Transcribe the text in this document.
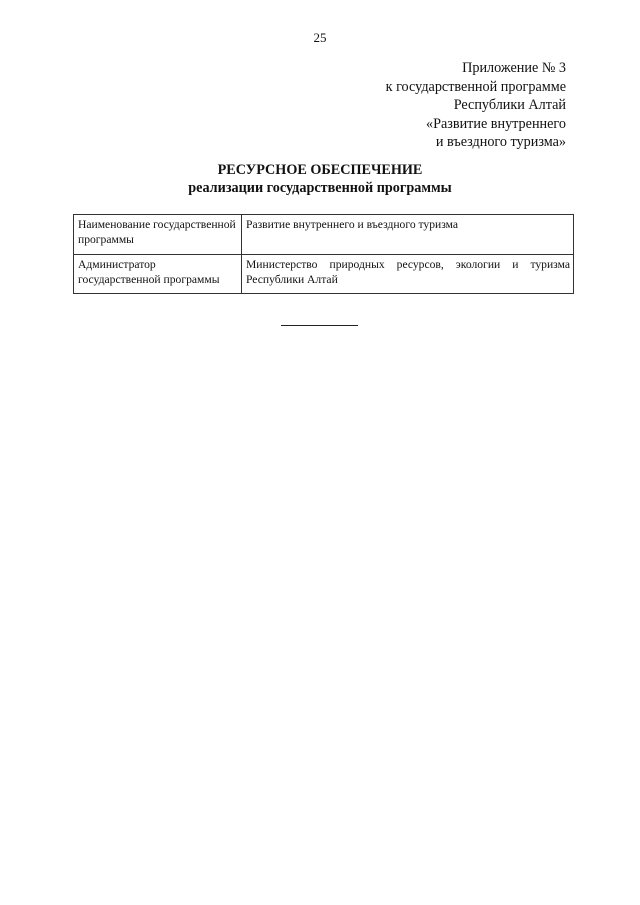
25
Приложение № 3
к государственной программе
Республики Алтай
«Развитие внутреннего
и въездного туризма»
РЕСУРСНОЕ ОБЕСПЕЧЕНИЕ
реализации государственной программы
Наименование государственной программы	Развитие внутреннего и въездного туризма
Администратор государственной программы	Министерство природных ресурсов, экологии и туризма Республики Алтай
